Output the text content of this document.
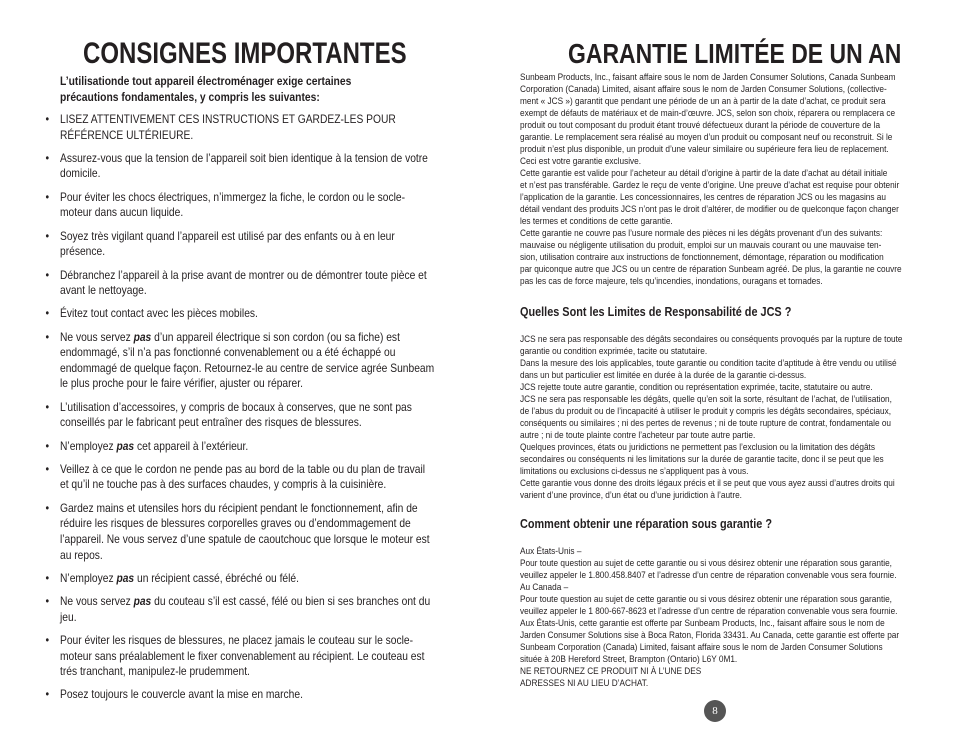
CONSIGNES IMPORTANTES
L’utilisationde tout appareil électroménager exige certaines
précautions fondamentales, y compris les suivantes:
• LISEZ ATTENTIVEMENT CES INSTRUCTIONS ET GARDEZ-LES POUR RÉFÉRENCE ULTÉRIEURE.
• Assurez-vous que la tension de l’appareil soit bien identique à la tension de votre domicile.
• Pour éviter les chocs électriques, n’immergez la fiche, le cordon ou le socle-moteur dans aucun liquide.
• Soyez très vigilant quand l’appareil est utilisé par des enfants ou à en leur présence.
• Débranchez l’appareil à la prise avant de montrer ou de démontrer toute pièce et avant le nettoyage.
• Évitez tout contact avec les pièces mobiles.
• Ne vous servez pas d’un appareil électrique si son cordon (ou sa fiche) est endommagé, s’il n’a pas fonctionné convenablement ou a été échappé ou endommagé de quelque façon. Retournez-le au centre de service agrée Sunbeam le plus proche pour le faire vérifier, ajuster ou réparer.
• L’utilisation d’accessoires, y compris de bocaux à conserves, que ne sont pas conseillés par le fabricant peut entraîner des risques de blessures.
• N’employez pas cet appareil à l’extérieur.
• Veillez à ce que le cordon ne pende pas au bord de la table ou du plan de travail et qu’il ne touche pas à des surfaces chaudes, y compris à la cuisinière.
• Gardez mains et utensiles hors du récipient pendant le fonctionnement, afin de réduire les risques de blessures corporelles graves ou d’endommagement de l’appareil. Ne vous servez d’une spatule de caoutchouc que lorsque le moteur est au repos.
• N’employez pas un récipient cassé, ébréché ou félé.
• Ne vous servez pas du couteau s’il est cassé, félé ou bien si ses branches ont du jeu.
• Pour éviter les risques de blessures, ne placez jamais le couteau sur le socle-moteur sans préalablement le fixer convenablement au récipient. Le couteau est trés tranchant, manipulez-le prudemment.
• Posez toujours le couvercle avant la mise en marche.
GARANTIE LIMITÉE DE UN AN

Sunbeam Products, Inc., faisant affaire sous le nom de Jarden Consumer Solutions, Canada Sunbeam
Corporation (Canada) Limited, aisant affaire sous le nom de Jarden Consumer Solutions, (collective-
ment « JCS ») garantit que pendant une période de un an à partir de la date d’achat, ce produit sera
exempt de défauts de matériaux et de main-d’œuvre. JCS, selon son choix, réparera ou remplacera ce
produit ou tout composant du produit étant trouvé défectueux durant la période de couverture de la
garantie. Le remplacement sera réalisé au moyen d’un produit ou composant neuf ou reconstruit. Si le
produit n’est plus disponible, un produit d’une valeur similaire ou supérieure fera lieu de replacement.
Ceci est votre garantie exclusive.
Cette garantie est valide pour l’acheteur au détail d’origine à partir de la date d’achat au détail initiale
et n’est pas transférable. Gardez le reçu de vente d’origine. Une preuve d’achat est requise pour obtenir
l’application de la garantie. Les concessionnaires, les centres de réparation JCS ou les magasins au
détail vendant des produits JCS n’ont pas le droit d’altérer, de modifier ou de quelconque façon changer
les termes et conditions de cette garantie.
Cette garantie ne couvre pas l’usure normale des pièces ni les dégâts provenant d’un des suivants:
mauvaise ou négligente utilisation du produit, emploi sur un mauvais courant ou une mauvaise ten-
sion, utilisation contraire aux instructions de fonctionnement, démontage, réparation ou modification
par quiconque autre que JCS ou un centre de réparation Sunbeam agréé. De plus, la garantie ne couvre
pas les cas de force majeure, tels qu’incendies, inondations, ouragans et tornades.

Quelles Sont les Limites de Responsabilité de JCS ?

JCS ne sera pas responsable des dégâts secondaires ou conséquents provoqués par la rupture de toute
garantie ou condition exprimée, tacite ou statutaire.
Dans la mesure des lois applicables, toute garantie ou condition tacite d’aptitude à être vendu ou utilisé
dans un but particulier est limitée en durée à la durée de la garantie ci-dessus.
JCS rejette toute autre garantie, condition ou représentation exprimée, tacite, statutaire ou autre.
JCS ne sera pas responsable les dégâts, quelle qu’en soit la sorte, résultant de l’achat, de l’utilisation,
de l’abus du produit ou de l’incapacité à utiliser le produit y compris les dégâts secondaires, spéciaux,
conséquents ou similaires ; ni des pertes de revenus ; ni de toute rupture de contrat, fondamentale ou
autre ; ni de toute plainte contre l’acheteur par toute autre partie.
Quelques provinces, états ou juridictions ne permettent pas l’exclusion ou la limitation des dégâts
secondaires ou conséquents ni les limitations sur la durée de garantie tacite, donc il se peut que les
limitations ou exclusions ci-dessus ne s’appliquent pas à vous.
Cette garantie vous donne des droits légaux précis et il se peut que vous ayez aussi d’autres droits qui
varient d’une province, d’un état ou d’une juridiction à l’autre.

Comment obtenir une réparation sous garantie ?

Aux États-Unis –
Pour toute question au sujet de cette garantie ou si vous désirez obtenir une réparation sous garantie,
veuillez appeler le 1.800.458.8407 et l’adresse d’un centre de réparation convenable vous sera fournie.
Au Canada –
Pour toute question au sujet de cette garantie ou si vous désirez obtenir une réparation sous garantie,
veuillez appeler le 1 800-667-8623 et l’adresse d’un centre de réparation convenable vous sera fournie.
Aux États-Unis, cette garantie est offerte par Sunbeam Products, Inc., faisant affaire sous le nom de
Jarden Consumer Solutions sise à Boca Raton, Florida 33431. Au Canada, cette garantie est offerte par
Sunbeam Corporation (Canada) Limited, faisant affaire sous le nom de Jarden Consumer Solutions
située à 20B Hereford Street, Brampton (Ontario) L6Y 0M1.
NE RETOURNEZ CE PRODUIT NI À L’UNE DES
ADRESSES NI AU LIEU D’ACHAT.

8
